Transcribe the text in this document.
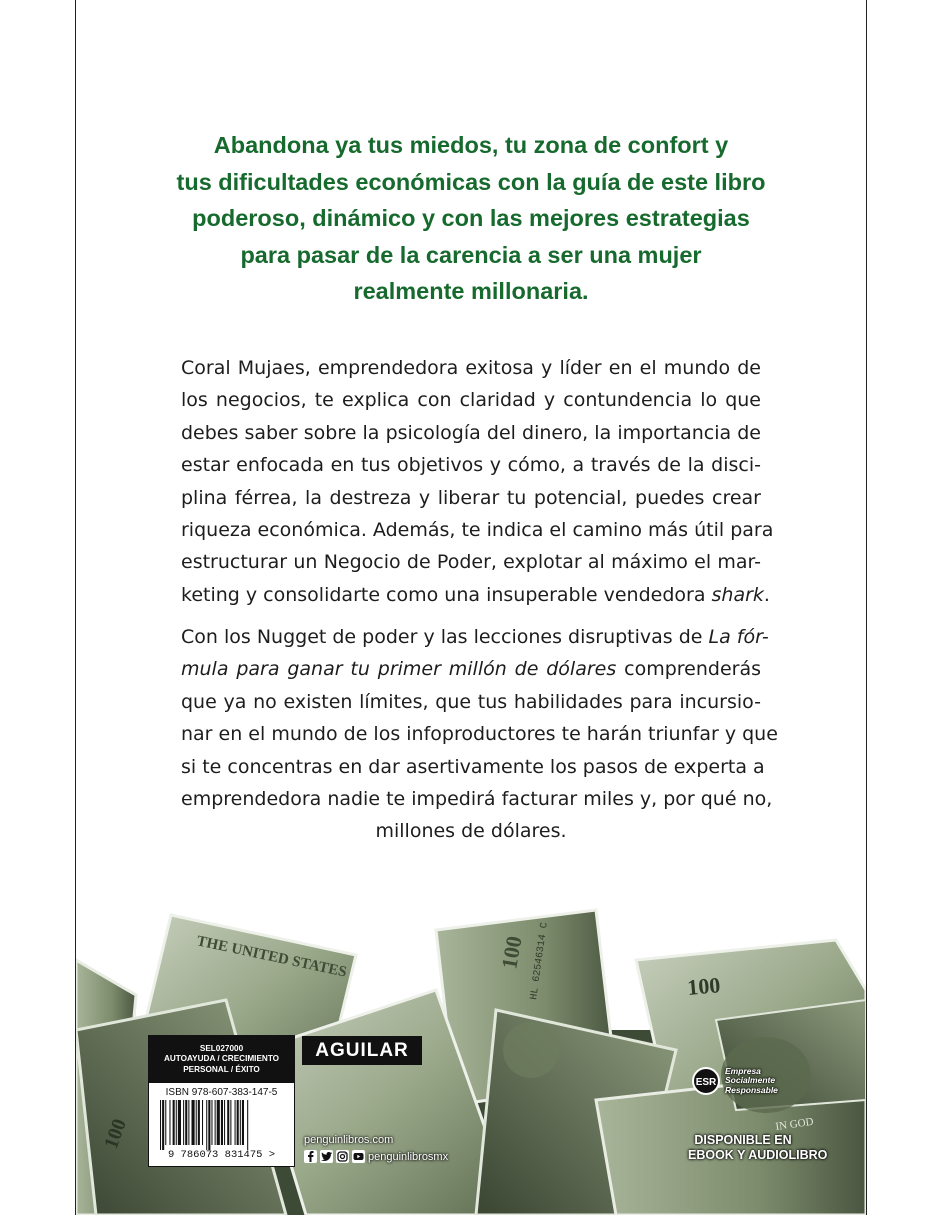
Abandona ya tus miedos, tu zona de confort y
tus dificultades económicas con la guía de este libro
poderoso, dinámico y con las mejores estrategias
para pasar de la carencia a ser una mujer
realmente millonaria.
Coral Mujaes, emprendedora exitosa y líder en el mundo de
los negocios, te explica con claridad y contundencia lo que
debes saber sobre la psicología del dinero, la importancia de
estar enfocada en tus objetivos y cómo, a través de la disci-
plina férrea, la destreza y liberar tu potencial, puedes crear
riqueza económica. Además, te indica el camino más útil para
estructurar un Negocio de Poder, explotar al máximo el mar-
keting y consolidarte como una insuperable vendedora shark.
Con los Nugget de poder y las lecciones disruptivas de La fór-
mula para ganar tu primer millón de dólares comprenderás
que ya no existen límites, que tus habilidades para incursio-
nar en el mundo de los infoproductores te harán triunfar y que
si te concentras en dar asertivamente los pasos de experta a
emprendedora nadie te impedirá facturar miles y, por qué no,
millones de dólares.
THE UNITED STATES	100
100
HL 62546314 C
100	IN GOD
SEL027000
AUTOAYUDA / CRECIMIENTO
PERSONAL / ÉXITO
ISBN 978-607-383-147-5
9 786073 831475 >
AGUILAR
penguinlibros.com
penguinlibrosmx
ESR
Empresa
Socialmente
Responsable
DISPONIBLE EN
EBOOK Y AUDIOLIBRO
